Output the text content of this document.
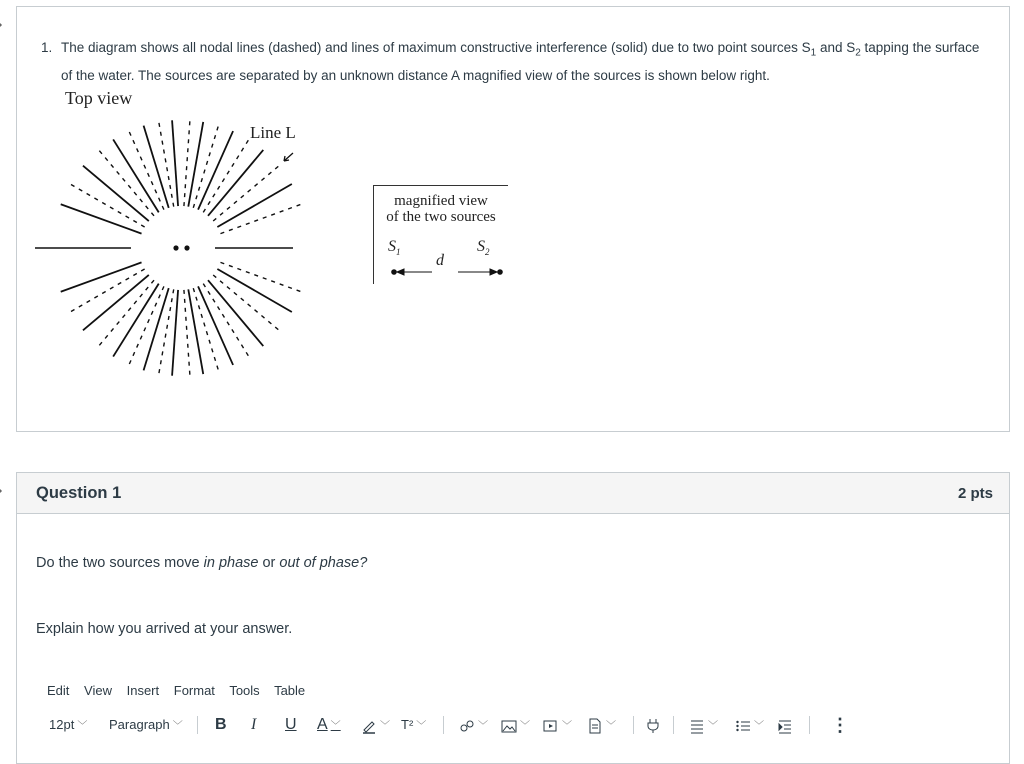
1. The diagram shows all nodal lines (dashed) and lines of maximum constructive interference (solid) due to two point sources $S_1$ and $S_2$ tapping the surface of the water. The sources are separated by an unknown distance A magnified view of the sources is shown below right.
Top view
Line L
magnified view
of the two sources
$S_1$	$S_2$
d
Question 1	2 pts
Do the two sources move in phase or out of phase?
Explain how you arrived at your answer.
Edit View Insert Format Tools Table
12pt ﹀ Paragraph ﹀ B I U A ﹀	﹀ T² ﹀	﹀	﹀	﹀	﹀	﹀	﹀	⋮
